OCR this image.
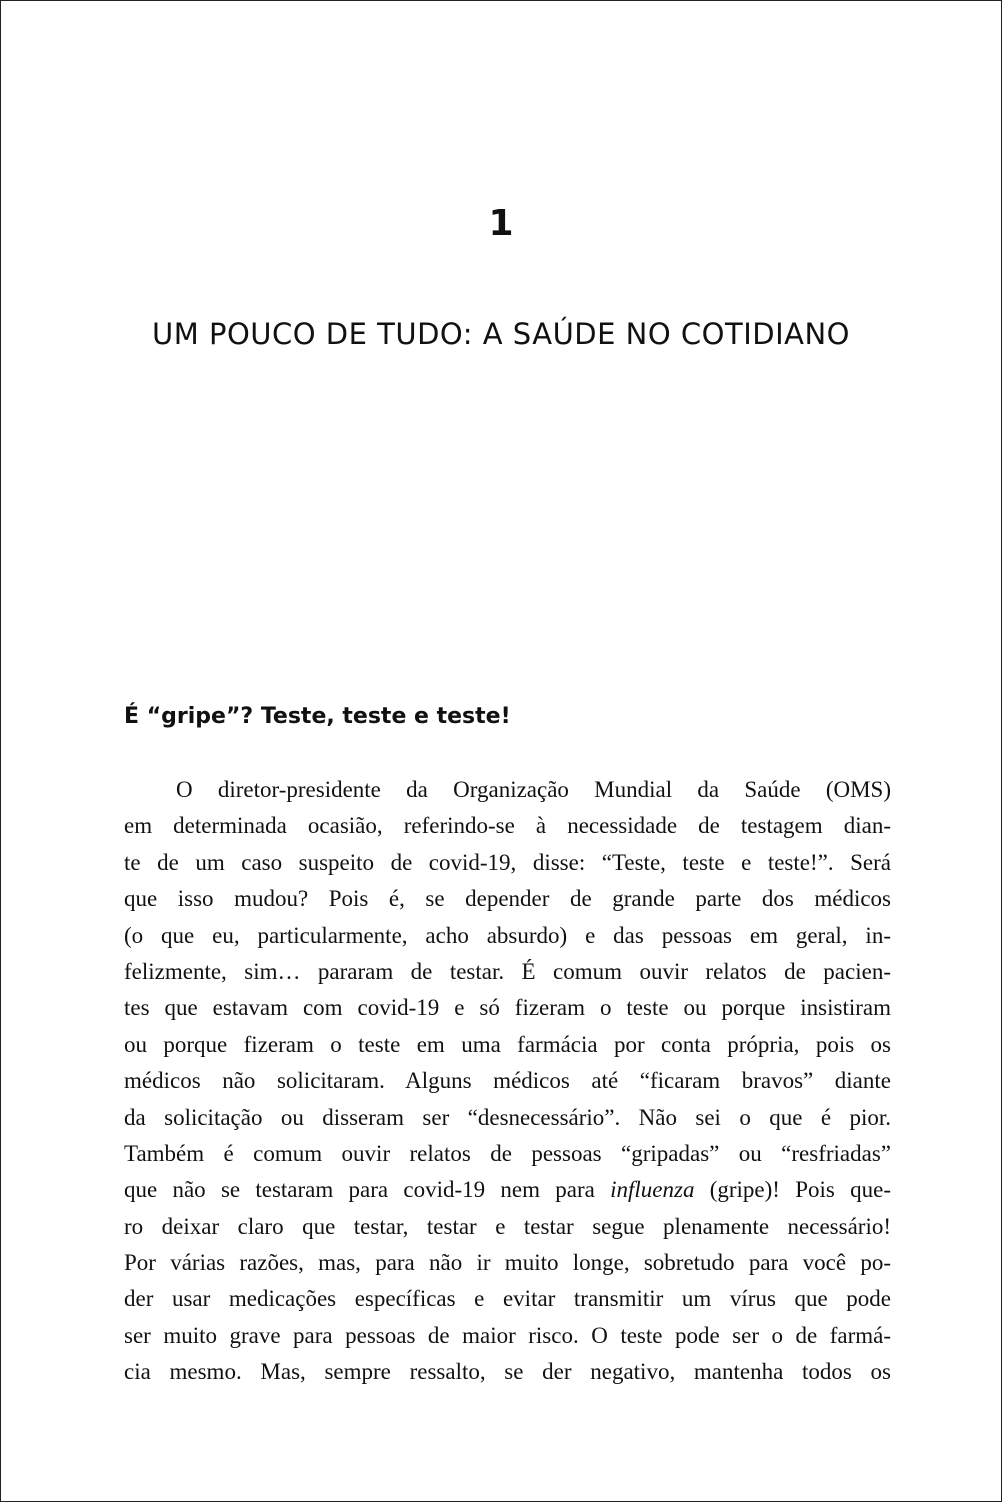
1
UM POUCO DE TUDO: A SAÚDE NO COTIDIANO
É “gripe”? Teste, teste e teste!
O diretor-presidente da Organização Mundial da Saúde (OMS)
em determinada ocasião, referindo-se à necessidade de testagem dian-
te de um caso suspeito de covid-19, disse: “Teste, teste e teste!”. Será
que isso mudou? Pois é, se depender de grande parte dos médicos
(o que eu, particularmente, acho absurdo) e das pessoas em geral, in-
felizmente, sim… pararam de testar. É comum ouvir relatos de pacien-
tes que estavam com covid-19 e só fizeram o teste ou porque insistiram
ou porque fizeram o teste em uma farmácia por conta própria, pois os
médicos não solicitaram. Alguns médicos até “ficaram bravos” diante
da solicitação ou disseram ser “desnecessário”. Não sei o que é pior.
Também é comum ouvir relatos de pessoas “gripadas” ou “resfriadas”
que não se testaram para covid-19 nem para influenza (gripe)! Pois que-
ro deixar claro que testar, testar e testar segue plenamente necessário!
Por várias razões, mas, para não ir muito longe, sobretudo para você po-
der usar medicações específicas e evitar transmitir um vírus que pode
ser muito grave para pessoas de maior risco. O teste pode ser o de farmá-
cia mesmo. Mas, sempre ressalto, se der negativo, mantenha todos os
